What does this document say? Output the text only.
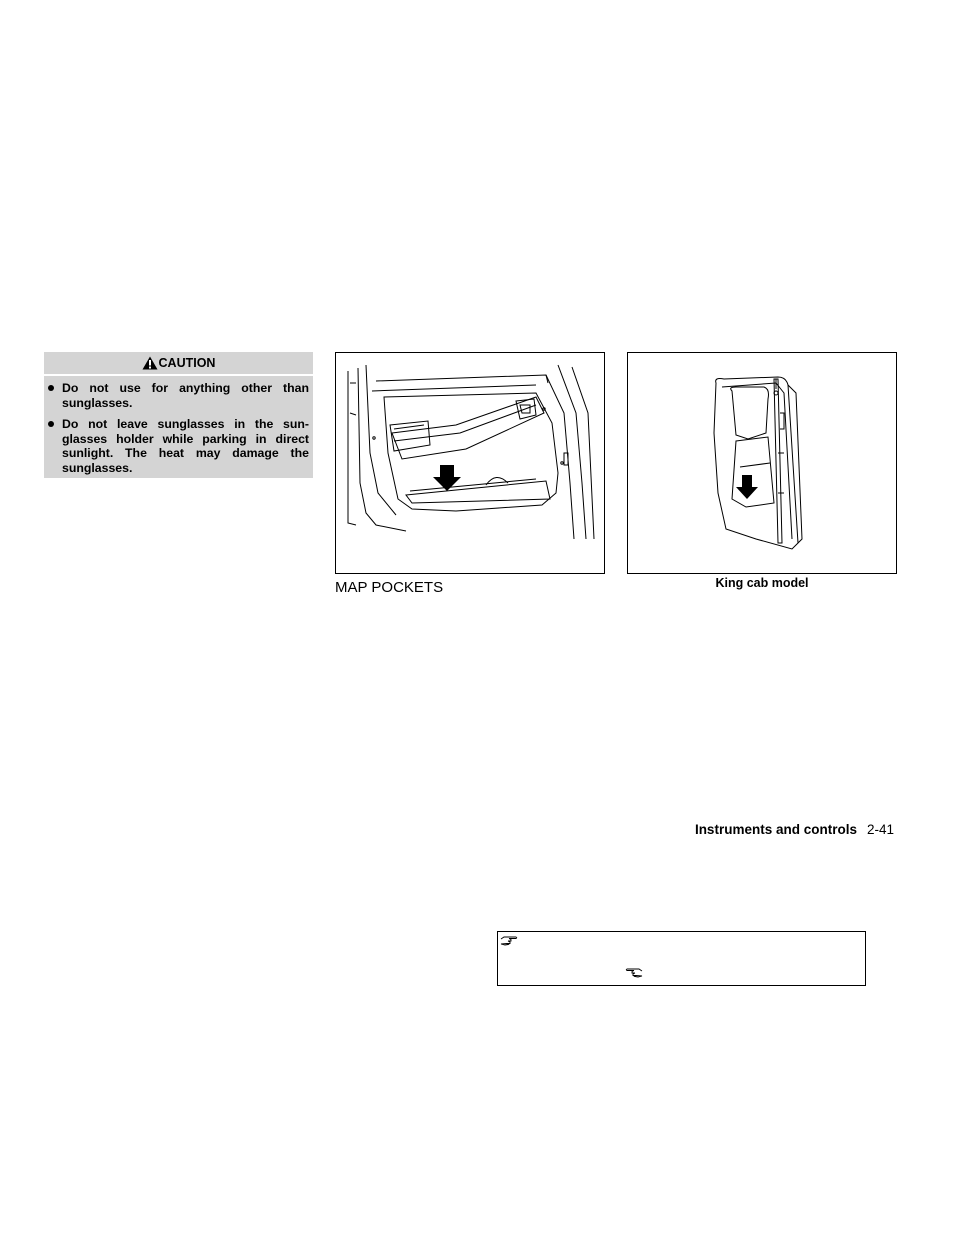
CAUTION
Do not use for anything other than sunglasses.
Do not leave sunglasses in the sun-glasses holder while parking in direct sunlight. The heat may damage the sunglasses.
MAP POCKETS	King cab model
Instruments and controls 2-41
